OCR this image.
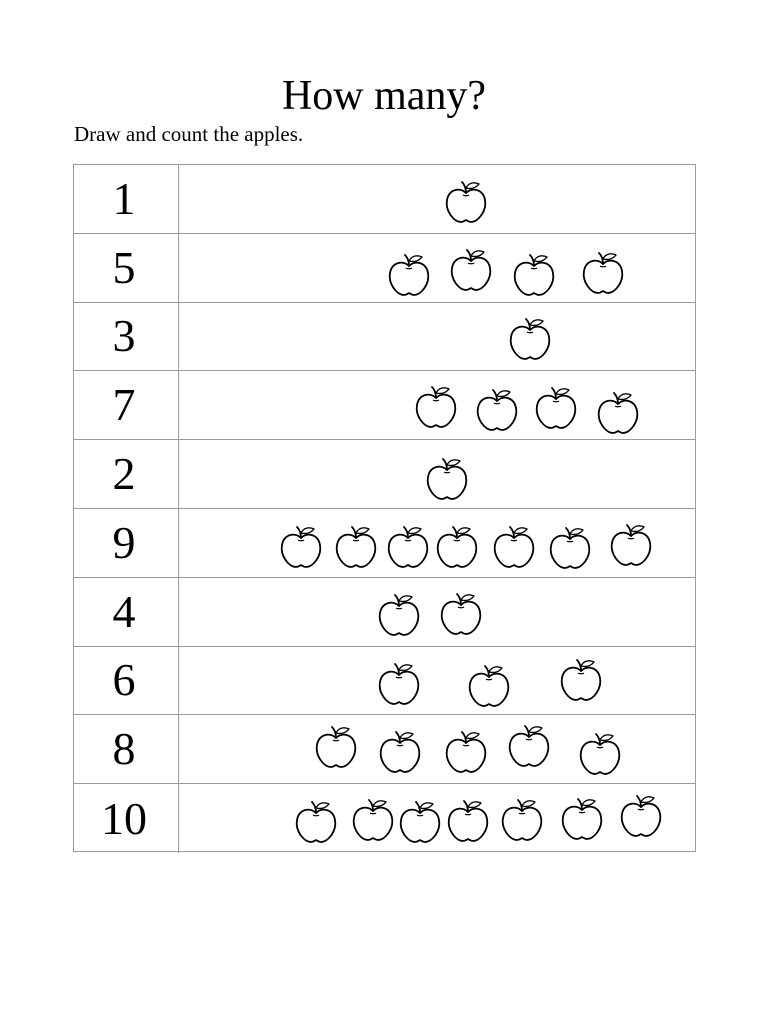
How many?

Draw and count the apples.

1
5
3
7
2
9
4
6
8
10
